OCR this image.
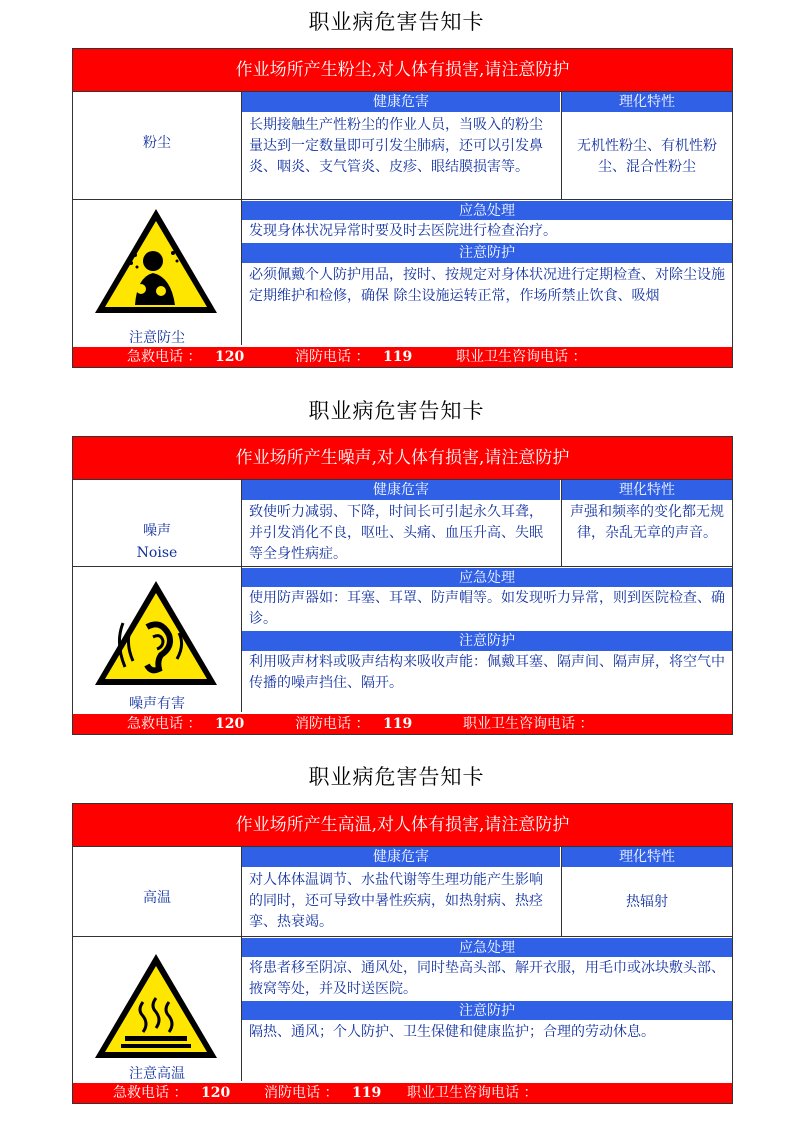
职业病危害告知卡
作业场所产生粉尘,对人体有损害,请注意防护
粉尘
健康危害	理化特性
长期接触生产性粉尘的作业人员，当吸入的粉尘量达到一定数量即可引发尘肺病，还可以引发鼻炎、咽炎、支气管炎、皮疹、眼结膜损害等。
无机性粉尘、有机性粉尘、混合性粉尘
应急处理
发现身体状况异常时要及时去医院进行检查治疗。
注意防护
必须佩戴个人防护用品，按时、按规定对身体状况进行定期检查、对除尘设施定期维护和检修，确保 除尘设施运转正常，作场所禁止饮食、吸烟
注意防尘
急救电话 ： 120	消防电话 ： 119	职业卫生咨询电话 ：
职业病危害告知卡
作业场所产生噪声,对人体有损害,请注意防护
噪声
Noise
健康危害	理化特性
致使听力减弱、下降，时间长可引起永久耳聋，并引发消化不良，呕吐、头痛、血压升高、失眠等全身性病症。
声强和频率的变化都无规律，杂乱无章的声音。
应急处理
使用防声器如：耳塞、耳罩、防声帽等。如发现听力异常，则到医院检查、确诊。
注意防护
利用吸声材料或吸声结构来吸收声能：佩戴耳塞、隔声间、隔声屏，将空气中传播的噪声挡住、隔开。
噪声有害
急救电话 ： 120	消防电话 ： 119	职业卫生咨询电话 ：
职业病危害告知卡
作业场所产生高温,对人体有损害,请注意防护
高温
健康危害	理化特性
对人体体温调节、水盐代谢等生理功能产生影响的同时，还可导致中暑性疾病，如热射病、热痉挛、热衰竭。
热辐射
应急处理
将患者移至阴凉、通风处，同时垫高头部、解开衣服，用毛巾或冰块敷头部、掖窝等处，并及时送医院。
注意防护
隔热、通风；个人防护、卫生保健和健康监护；合理的劳动休息。
注意高温
急救电话 ： 120 消防电话 ： 119 职业卫生咨询电话 ：
